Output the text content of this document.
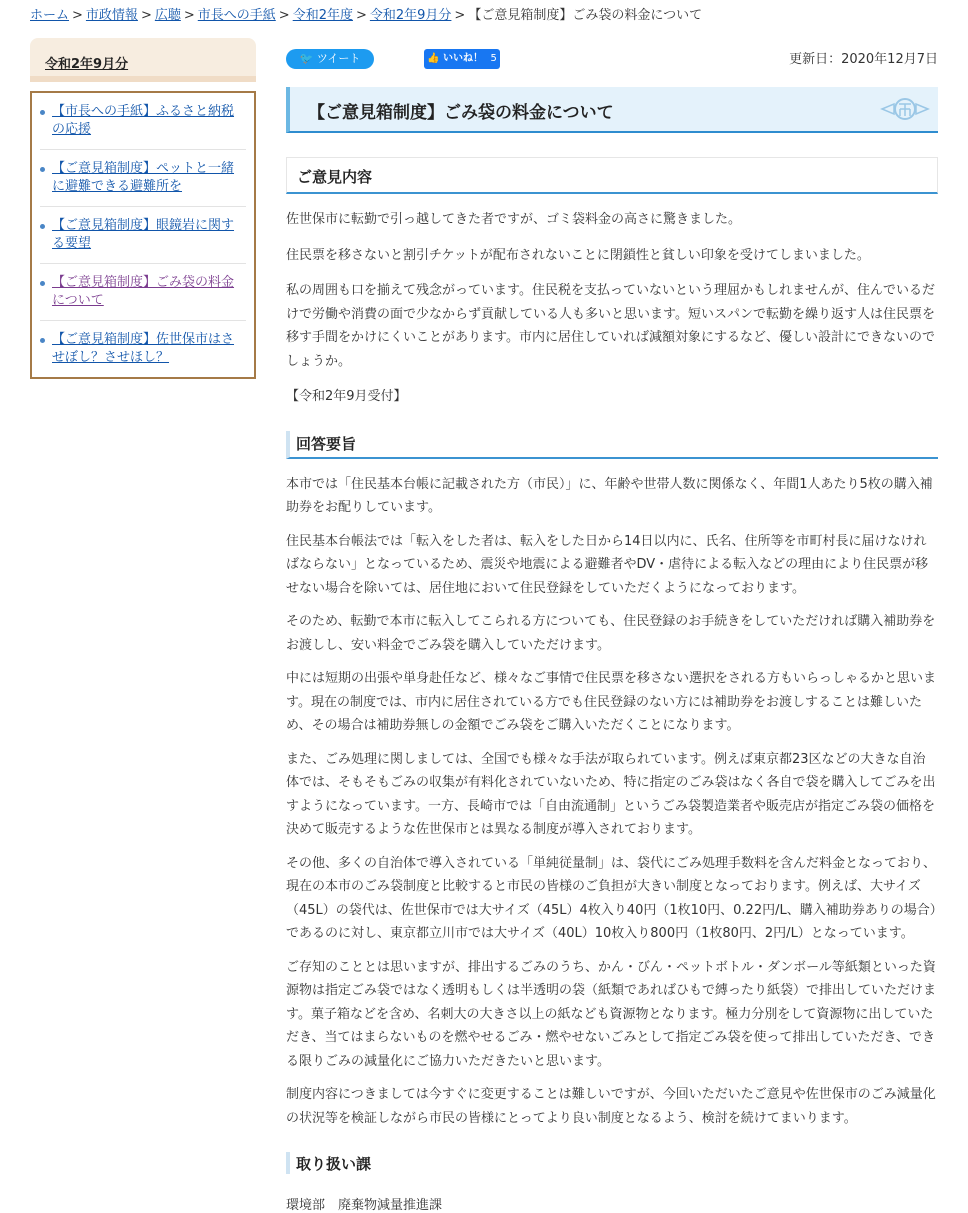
ホーム > 市政情報 > 広聴 > 市長への手紙 > 令和2年度 > 令和2年9月分 > 【ご意見箱制度】ごみ袋の料金について
令和2年9月分
【市長への手紙】ふるさと納税の応援
【ご意見箱制度】ペットと一緒に避難できる避難所を
【ご意見箱制度】眼鏡岩に関する要望
【ご意見箱制度】ごみ袋の料金について
【ご意見箱制度】佐世保市はさせぼし？させほし？
🐦 ツイート	👍 いいね！ 5	更新日：2020年12月7日
【ご意見箱制度】ごみ袋の料金について
ご意見内容

佐世保市に転勤で引っ越してきた者ですが、ゴミ袋料金の高さに驚きました。

住民票を移さないと割引チケットが配布されないことに閉鎖性と貧しい印象を受けてしまいました。

私の周囲も口を揃えて残念がっています。住民税を支払っていないという理屈かもしれませんが、住んでいるだけで労働や消費の面で少なからず貢献している人も多いと思います。短いスパンで転勤を繰り返す人は住民票を移す手間をかけにくいことがあります。市内に居住していれば減額対象にするなど、優しい設計にできないのでしょうか。

【令和2年9月受付】

回答要旨

本市では「住民基本台帳に記載された方（市民）」に、年齢や世帯人数に関係なく、年間1人あたり5枚の購入補助券をお配りしています。

住民基本台帳法では「転入をした者は、転入をした日から14日以内に、氏名、住所等を市町村長に届けなければならない」となっているため、震災や地震による避難者やDV・虐待による転入などの理由により住民票が移せない場合を除いては、居住地において住民登録をしていただくようになっております。

そのため、転勤で本市に転入してこられる方についても、住民登録のお手続きをしていただければ購入補助券をお渡しし、安い料金でごみ袋を購入していただけます。

中には短期の出張や単身赴任など、様々なご事情で住民票を移さない選択をされる方もいらっしゃるかと思います。現在の制度では、市内に居住されている方でも住民登録のない方には補助券をお渡しすることは難しいため、その場合は補助券無しの金額でごみ袋をご購入いただくことになります。

また、ごみ処理に関しましては、全国でも様々な手法が取られています。例えば東京都23区などの大きな自治体では、そもそもごみの収集が有料化されていないため、特に指定のごみ袋はなく各自で袋を購入してごみを出すようになっています。一方、長崎市では「自由流通制」というごみ袋製造業者や販売店が指定ごみ袋の価格を決めて販売するような佐世保市とは異なる制度が導入されております。

その他、多くの自治体で導入されている「単純従量制」は、袋代にごみ処理手数料を含んだ料金となっており、現在の本市のごみ袋制度と比較すると市民の皆様のご負担が大きい制度となっております。例えば、大サイズ（45L）の袋代は、佐世保市では大サイズ（45L）4枚入り40円（1枚10円、0.22円/L、購入補助券ありの場合）であるのに対し、東京都立川市では大サイズ（40L）10枚入り800円（1枚80円、2円/L）となっています。

ご存知のこととは思いますが、排出するごみのうち、かん・びん・ペットボトル・ダンボール等紙類といった資源物は指定ごみ袋ではなく透明もしくは半透明の袋（紙類であればひもで縛ったり紙袋）で排出していただけます。菓子箱などを含め、名刺大の大きさ以上の紙なども資源物となります。極力分別をして資源物に出していただき、当てはまらないものを燃やせるごみ・燃やせないごみとして指定ごみ袋を使って排出していただき、できる限りごみの減量化にご協力いただきたいと思います。

制度内容につきましては今すぐに変更することは難しいですが、今回いただいたご意見や佐世保市のごみ減量化の状況等を検証しながら市民の皆様にとってより良い制度となるよう、検討を続けてまいります。

取り扱い課
環境部　廃棄物減量推進課
